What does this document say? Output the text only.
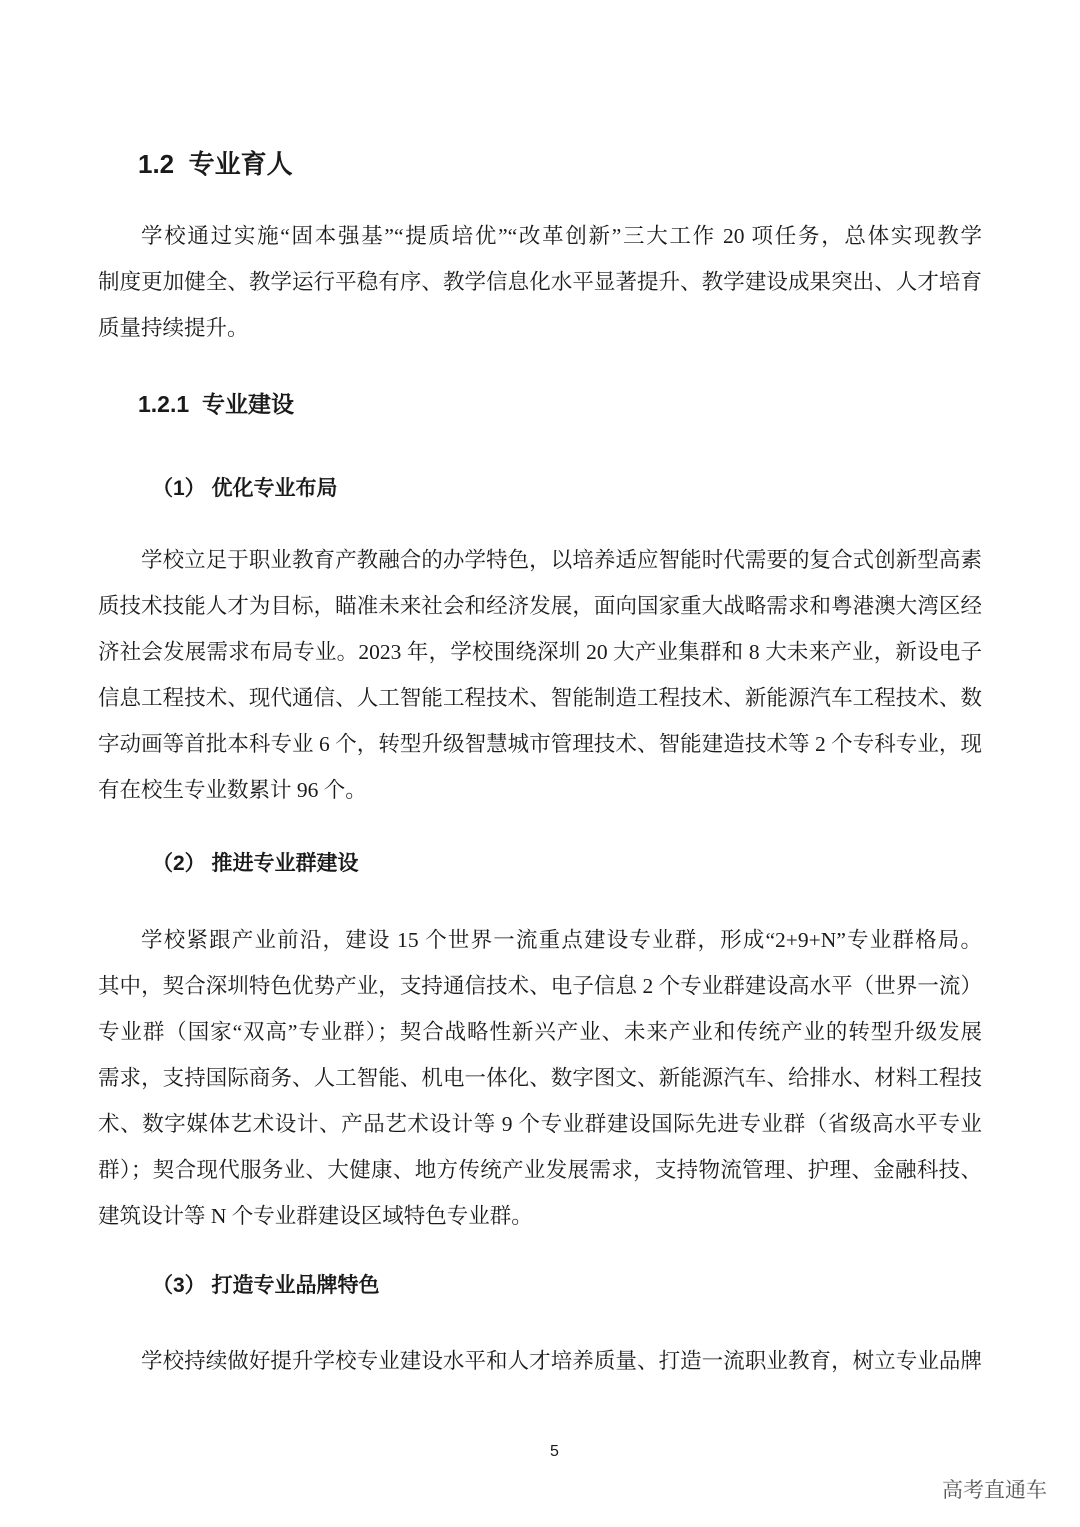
1.2 专业育人
学校通过实施“固本强基”“提质培优”“改革创新”三大工作 20 项任务，总体实现教学
制度更加健全、教学运行平稳有序、教学信息化水平显著提升、教学建设成果突出、人才培育
质量持续提升。
1.2.1 专业建设
（1） 优化专业布局
学校立足于职业教育产教融合的办学特色，以培养适应智能时代需要的复合式创新型高素
质技术技能人才为目标，瞄准未来社会和经济发展，面向国家重大战略需求和粤港澳大湾区经
济社会发展需求布局专业。2023 年，学校围绕深圳 20 大产业集群和 8 大未来产业，新设电子
信息工程技术、现代通信、人工智能工程技术、智能制造工程技术、新能源汽车工程技术、数
字动画等首批本科专业 6 个，转型升级智慧城市管理技术、智能建造技术等 2 个专科专业，现
有在校生专业数累计 96 个。
（2） 推进专业群建设
学校紧跟产业前沿，建设 15 个世界一流重点建设专业群，形成“2+9+N”专业群格局。
其中，契合深圳特色优势产业，支持通信技术、电子信息 2 个专业群建设高水平（世界一流）
专业群（国家“双高”专业群）；契合战略性新兴产业、未来产业和传统产业的转型升级发展
需求，支持国际商务、人工智能、机电一体化、数字图文、新能源汽车、给排水、材料工程技
术、数字媒体艺术设计、产品艺术设计等 9 个专业群建设国际先进专业群（省级高水平专业
群）；契合现代服务业、大健康、地方传统产业发展需求，支持物流管理、护理、金融科技、
建筑设计等 N 个专业群建设区域特色专业群。
（3） 打造专业品牌特色
学校持续做好提升学校专业建设水平和人才培养质量、打造一流职业教育，树立专业品牌
5
高考直通车
